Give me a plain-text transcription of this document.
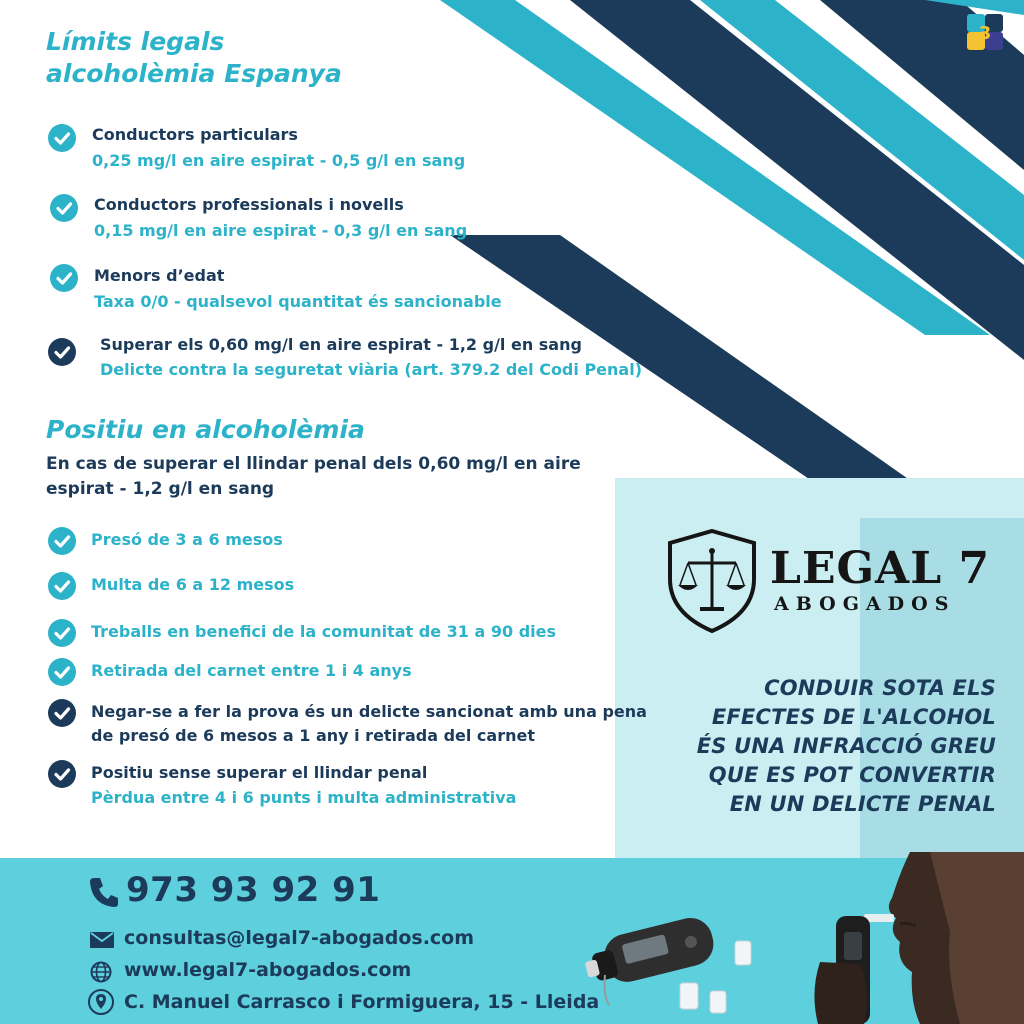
3
GRUPOBRAIN
Límits legals
alcoholèmia Espanya
Conductors particulars
0,25 mg/l en aire espirat - 0,5 g/l en sang
Conductors professionals i novells
0,15 mg/l en aire espirat - 0,3 g/l en sang
Menors d’edat
Taxa 0/0 - qualsevol quantitat és sancionable
Superar els 0,60 mg/l en aire espirat - 1,2 g/l en sang
Delicte contra la seguretat viària (art. 379.2 del Codi Penal)
Positiu en alcoholèmia
En cas de superar el llindar penal dels 0,60 mg/l en aire
espirat - 1,2 g/l en sang
Presó de 3 a 6 mesos
Multa de 6 a 12 mesos
Treballs en benefici de la comunitat de 31 a 90 dies
Retirada del carnet entre 1 i 4 anys
Negar-se a fer la prova és un delicte sancionat amb una pena
de presó de 6 mesos a 1 any i retirada del carnet
Positiu sense superar el llindar penal
Pèrdua entre 4 i 6 punts i multa administrativa
LEGAL 7
ABOGADOS
CONDUIR SOTA ELS
EFECTES DE L'ALCOHOL
ÉS UNA INFRACCIÓ GREU
QUE ES POT CONVERTIR
EN UN DELICTE PENAL
973 93 92 91
consultas@legal7-abogados.com
www.legal7-abogados.com
C. Manuel Carrasco i Formiguera, 15 - Lleida
